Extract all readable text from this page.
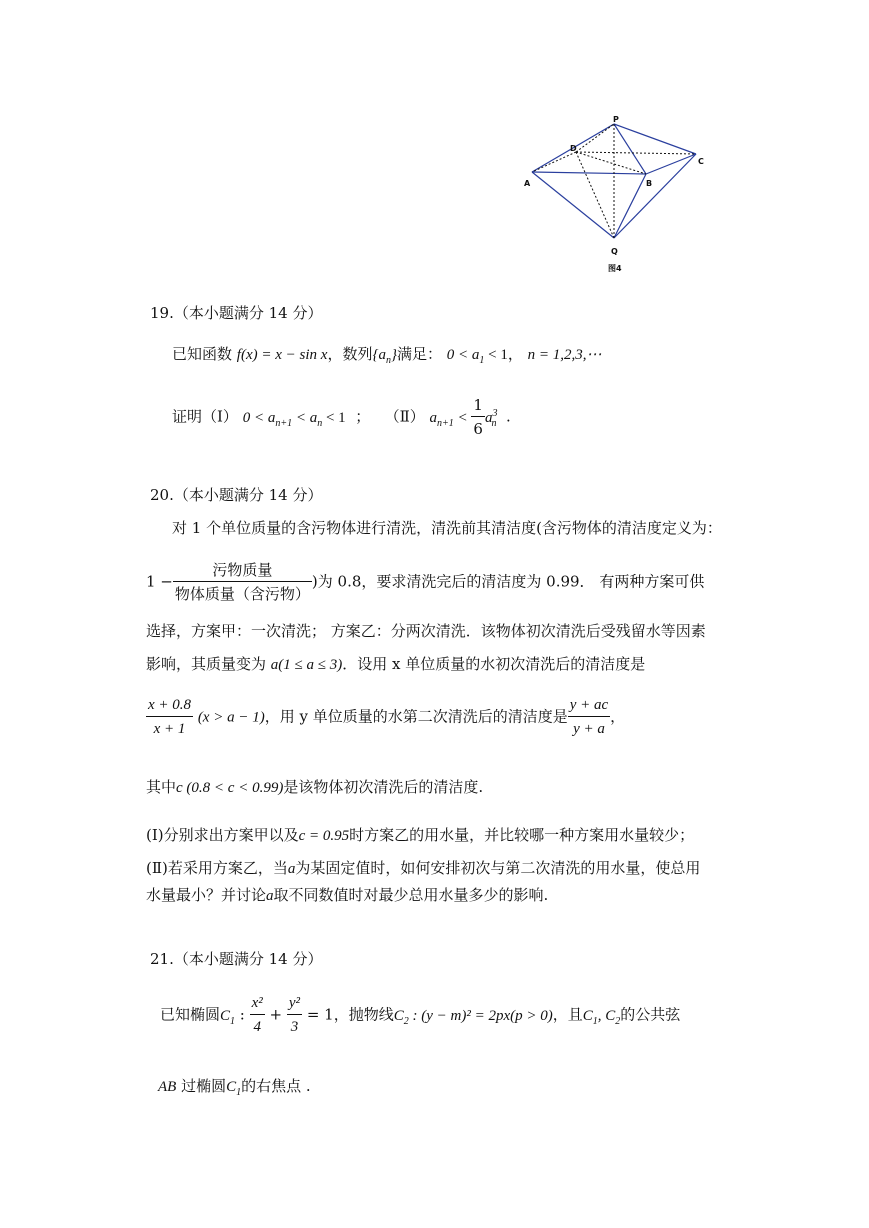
P
D
C
A	B
Q
图4
19.（本小题满分 14 分）
已知函数 f(x) = x − sin x，数列$\{a_n\}$满足： $0 < a_1 < 1$， n = 1,2,3,⋯
证明（Ⅰ） $0 < a_{n+1} < a_n < 1$ ； （Ⅱ） $a_{n+1} < \frac{1}{6} a^3_n$ .
20.（本小题满分 14 分）
对 1 个单位质量的含污物体进行清洗，清洗前其清洁度(含污物体的清洁度定义为：
$1 - \frac{\text{污物质量}}{\text{物体质量（含污物）}}$ )为 0.8，要求清洗完后的清洁度为 0.99． 有两种方案可供
选择，方案甲：一次清洗； 方案乙：分两次清洗．该物体初次清洗后受残留水等因素
影响，其质量变为 a(1 ≤ a ≤ 3)．设用 x 单位质量的水初次清洗后的清洁度是
$\frac{x + 0.8}{x + 1} (x > a - 1)$，用 y 单位质量的水第二次清洗后的清洁度是 $\frac{y + ac}{y + a}$ ，
其中c (0.8 < c < 0.99)是该物体初次清洗后的清洁度.
(Ⅰ)分别求出方案甲以及c = 0.95时方案乙的用水量，并比较哪一种方案用水量较少；
(Ⅱ)若采用方案乙，当a为某固定值时，如何安排初次与第二次清洗的用水量，使总用
水量最小？并讨论a取不同数值时对最少总用水量多少的影响.
21.（本小题满分 14 分）
已知椭圆$C_1$ : $\frac{\text{x²}}{4} + \frac{\text{y²}}{3} = 1$，抛物线$C_2$ : (y − m)² = 2px(p > 0)，且$C_1$, $C_2$的公共弦
AB 过椭圆$C_1$的右焦点 .
